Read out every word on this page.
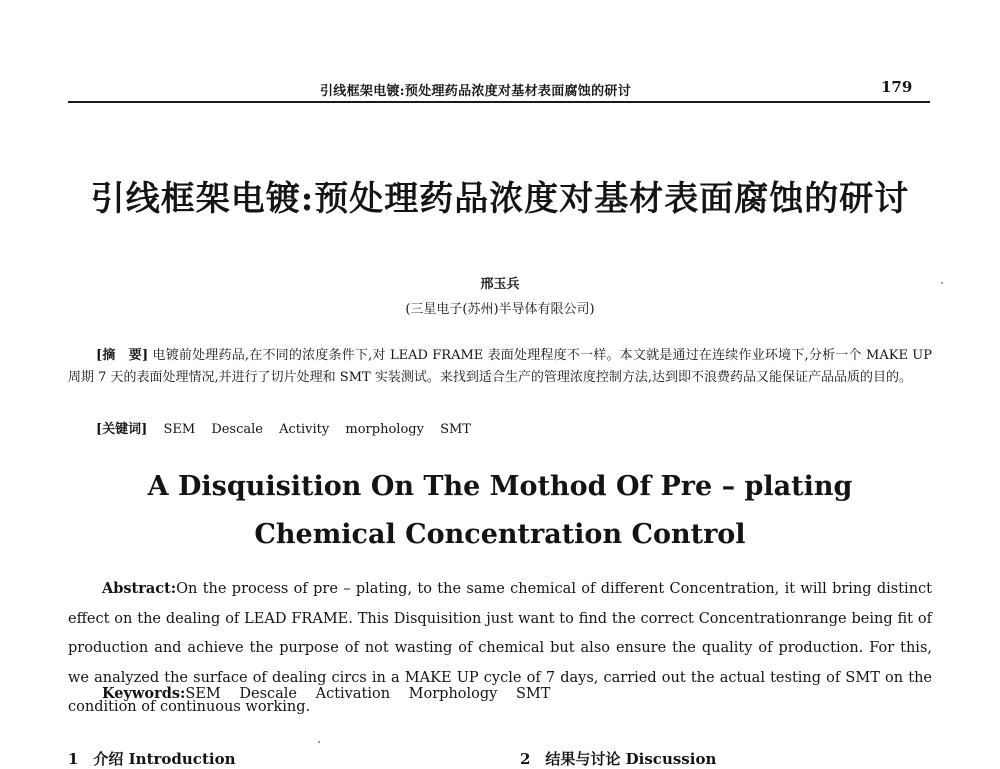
引线框架电镀:预处理药品浓度对基材表面腐蚀的研讨	179
引线框架电镀:预处理药品浓度对基材表面腐蚀的研讨
邢玉兵
(三星电子(苏州)半导体有限公司)
[摘　要] 电镀前处理药品,在不同的浓度条件下,对 LEAD FRAME 表面处理程度不一样。本文就是通过在连续作业环境下,分析一个 MAKE UP 周期 7 天的表面处理情况,并进行了切片处理和 SMT 实装测试。来找到适合生产的管理浓度控制方法,达到即不浪费药品又能保证产品品质的目的。
[关键词] SEM Descale Activity morphology SMT
A Disquisition On The Mothod Of Pre – plating
Chemical Concentration Control
Abstract:On the process of pre – plating, to the same chemical of different Concentration, it will bring distinct effect on the dealing of LEAD FRAME. This Disquisition just want to find the correct Concentrationrange being fit of production and achieve the purpose of not wasting of chemical but also ensure the quality of production. For this, we analyzed the surface of dealing circs in a MAKE UP cycle of 7 days, carried out the actual testing of SMT on the condition of continuous working.
Keywords:SEM Descale Activation Morphology SMT
1　介绍 Introduction	2　结果与讨论 Discussion
